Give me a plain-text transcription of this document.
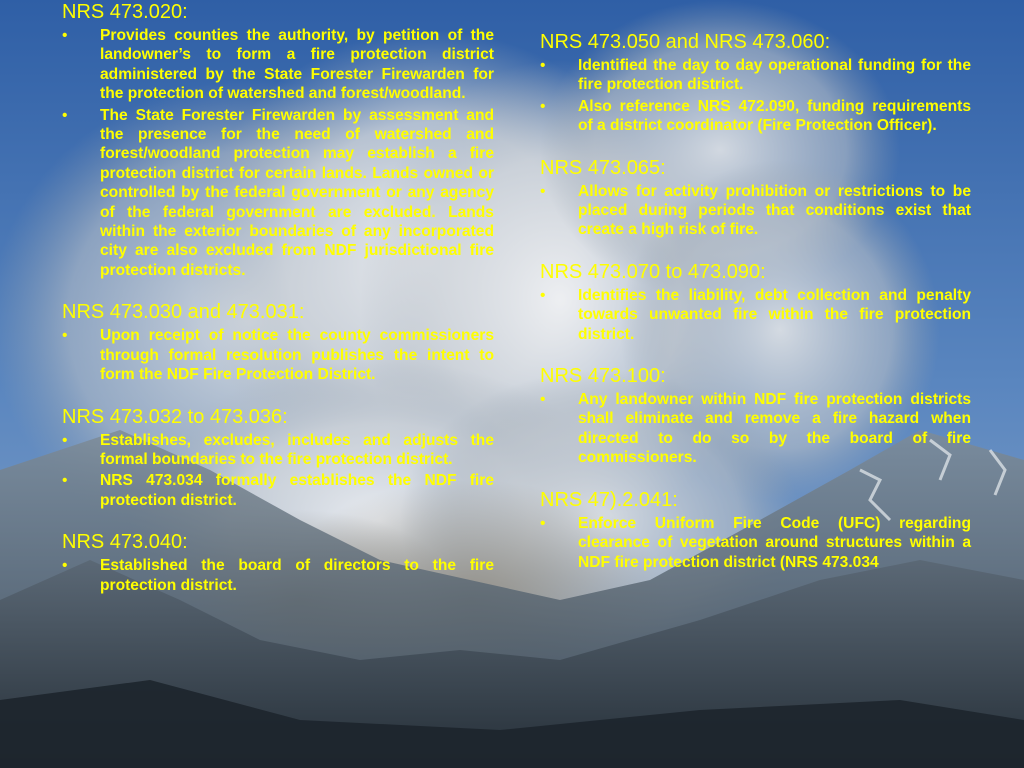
NRS 473.020:
•	Provides counties the authority, by petition of the landowner’s to form a fire protection district administered by the State Forester Firewarden for the protection of watershed and forest/woodland.
•	The State Forester Firewarden by assessment and the presence for the need of watershed and forest/woodland protection may establish a fire protection district for certain lands. Lands owned or controlled by the federal government or any agency of the federal government are excluded. Lands within the exterior boundaries of any incorporated city are also excluded from NDF jurisdictional fire protection districts.
NRS 473.030 and 473.031:
•	Upon receipt of notice the county commissioners through formal resolution publishes the intent to form the NDF Fire Protection District.
NRS 473.032 to 473.036:
•	Establishes, excludes, includes and adjusts the formal boundaries to the fire protection district.
•	NRS 473.034 formally establishes the NDF fire protection district.
NRS 473.040:
•	Established the board of directors to the fire protection district.
NRS 473.050 and NRS 473.060:
•	Identified the day to day operational funding for the fire protection district.
•	Also reference NRS 472.090, funding requirements of a district coordinator (Fire Protection Officer).
NRS 473.065:
•	Allows for activity prohibition or restrictions to be placed during periods that conditions exist that create a high risk of fire.
NRS 473.070 to 473.090:
•	Identifies the liability, debt collection and penalty towards unwanted fire within the fire protection district.
NRS 473.100:
•	Any landowner within NDF fire protection districts shall eliminate and remove a fire hazard when directed to do so by the board of fire commissioners.
NRS 47).2.041:
•	Enforce Uniform Fire Code (UFC) regarding clearance of vegetation around structures within a NDF fire protection district (NRS 473.034
